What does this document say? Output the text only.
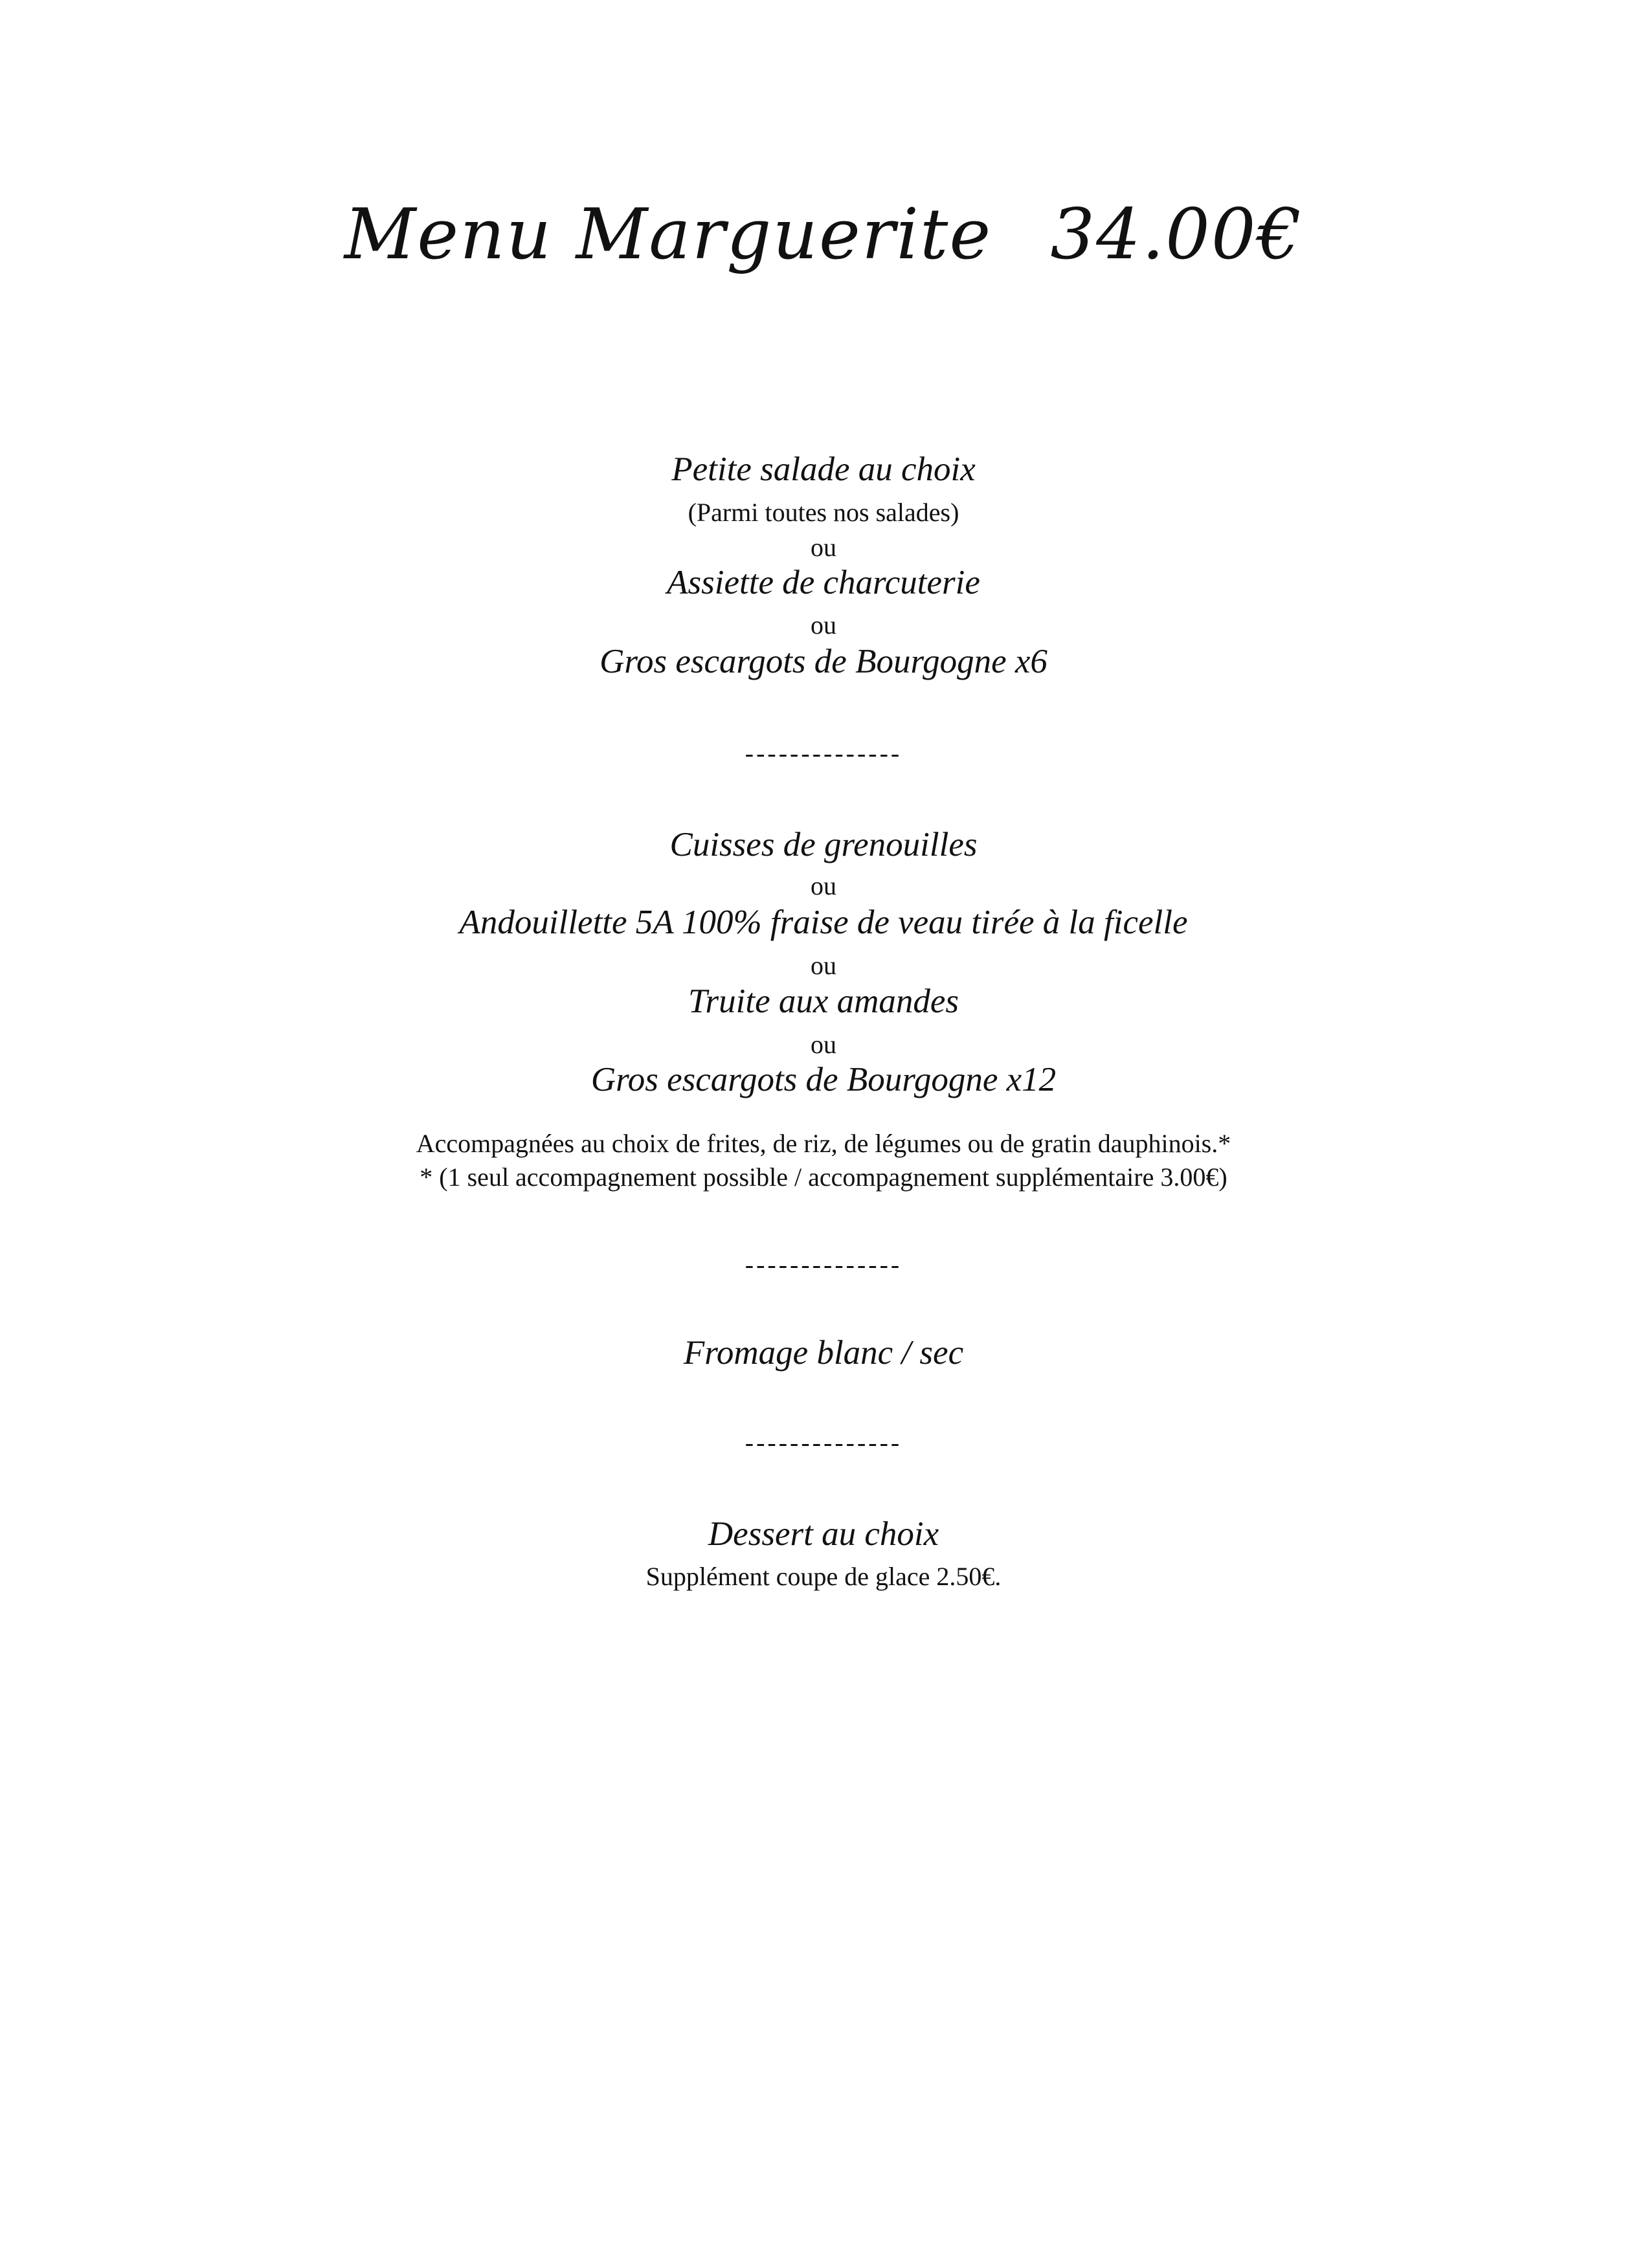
Menu Marguerite 34.00€
Petite salade au choix
(Parmi toutes nos salades)
ou
Assiette de charcuterie
ou
Gros escargots de Bourgogne x6
--------------
Cuisses de grenouilles
ou
Andouillette 5A 100% fraise de veau tirée à la ficelle
ou
Truite aux amandes
ou
Gros escargots de Bourgogne x12
Accompagnées au choix de frites, de riz, de légumes ou de gratin dauphinois.*
* (1 seul accompagnement possible / accompagnement supplémentaire 3.00€)
--------------
Fromage blanc / sec
--------------
Dessert au choix
Supplément coupe de glace 2.50€.
